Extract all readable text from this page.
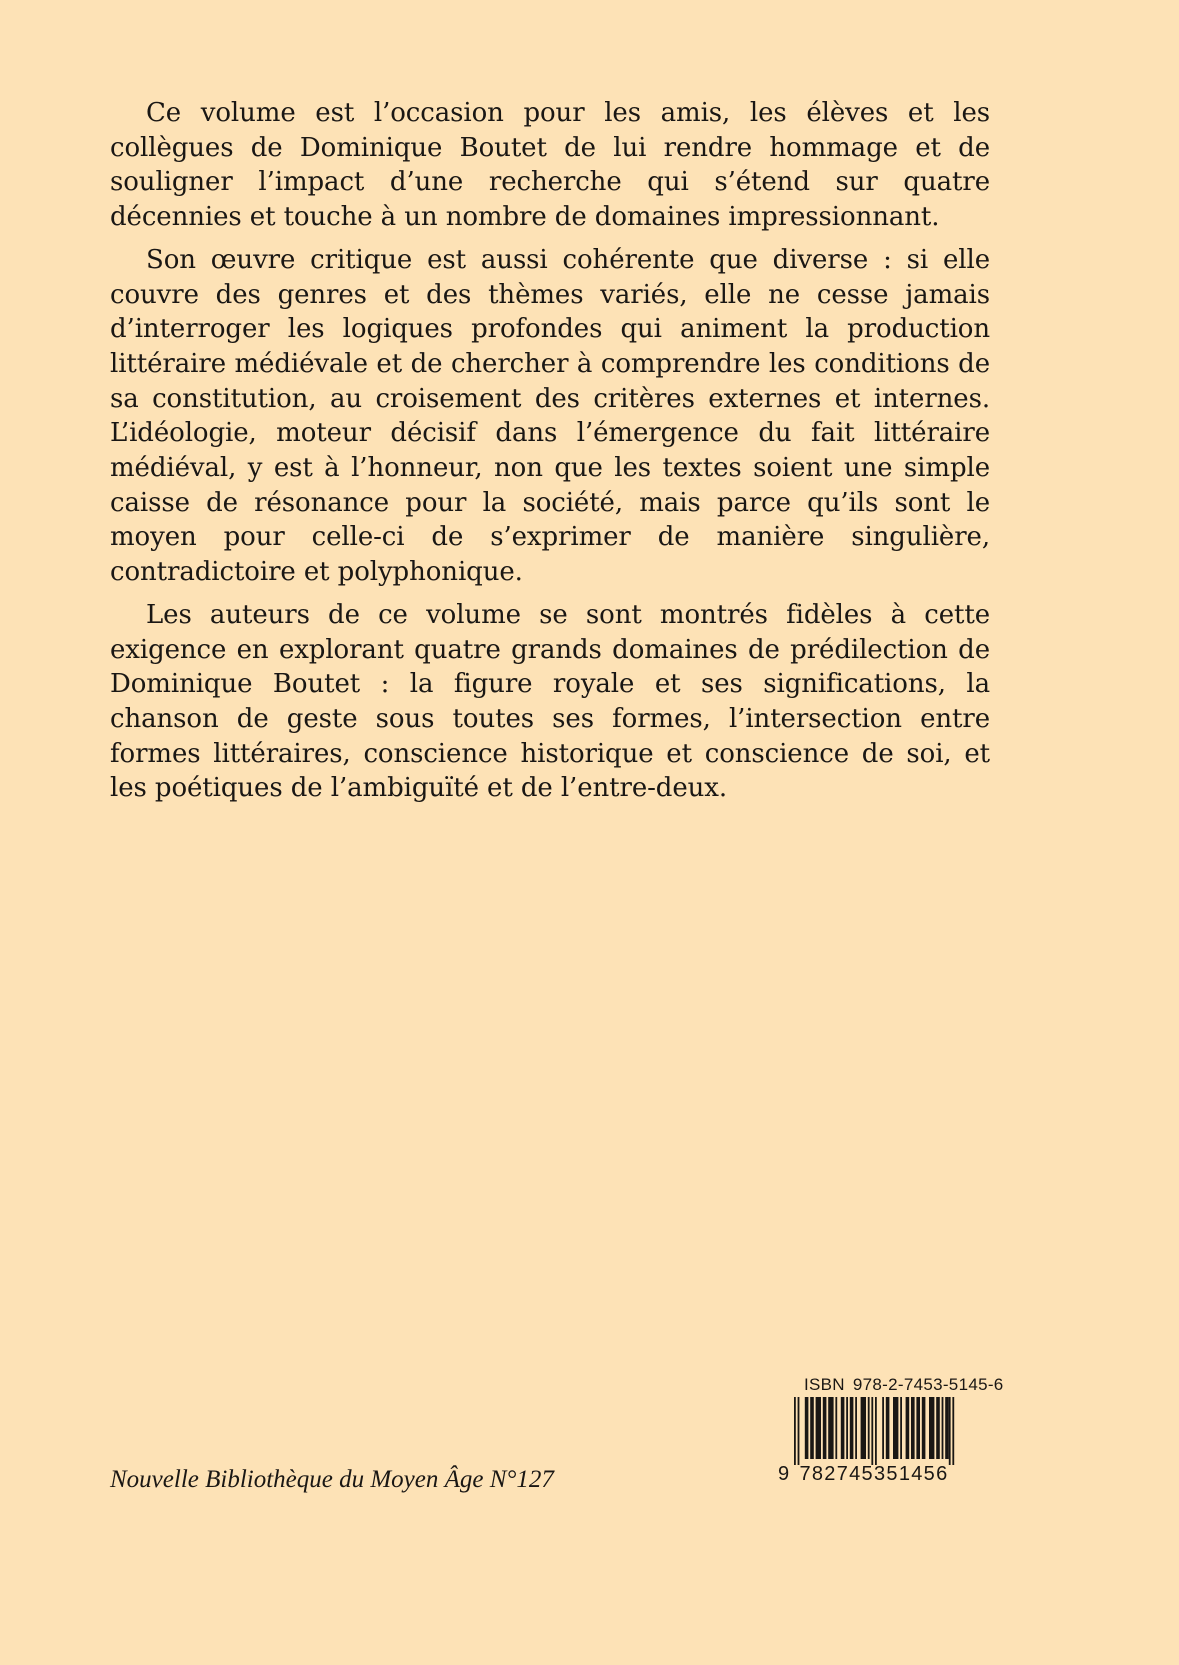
Ce volume est l’occasion pour les amis, les élèves et les collègues de Dominique Boutet de lui rendre hommage et de souligner l’impact d’une recherche qui s’étend sur quatre décennies et touche à un nombre de domaines impressionnant.

Son œuvre critique est aussi cohérente que diverse : si elle couvre des genres et des thèmes variés, elle ne cesse jamais d’interroger les logiques profondes qui animent la production littéraire médiévale et de chercher à comprendre les conditions de sa constitution, au croisement des critères externes et internes. L’idéologie, moteur décisif dans l’émergence du fait littéraire médiéval, y est à l’honneur, non que les textes soient une simple caisse de résonance pour la société, mais parce qu’ils sont le moyen pour celle-ci de s’exprimer de manière singulière, contradictoire et polyphonique.

Les auteurs de ce volume se sont montrés fidèles à cette exigence en explorant quatre grands domaines de prédilection de Dominique Boutet : la figure royale et ses significations, la chanson de geste sous toutes ses formes, l’intersection entre formes littéraires, conscience historique et conscience de soi, et les poétiques de l’ambiguïté et de l’entre-deux.

Nouvelle Bibliothèque du Moyen Âge N°127
ISBN 978-2-7453-5145-6
9 782745351456
